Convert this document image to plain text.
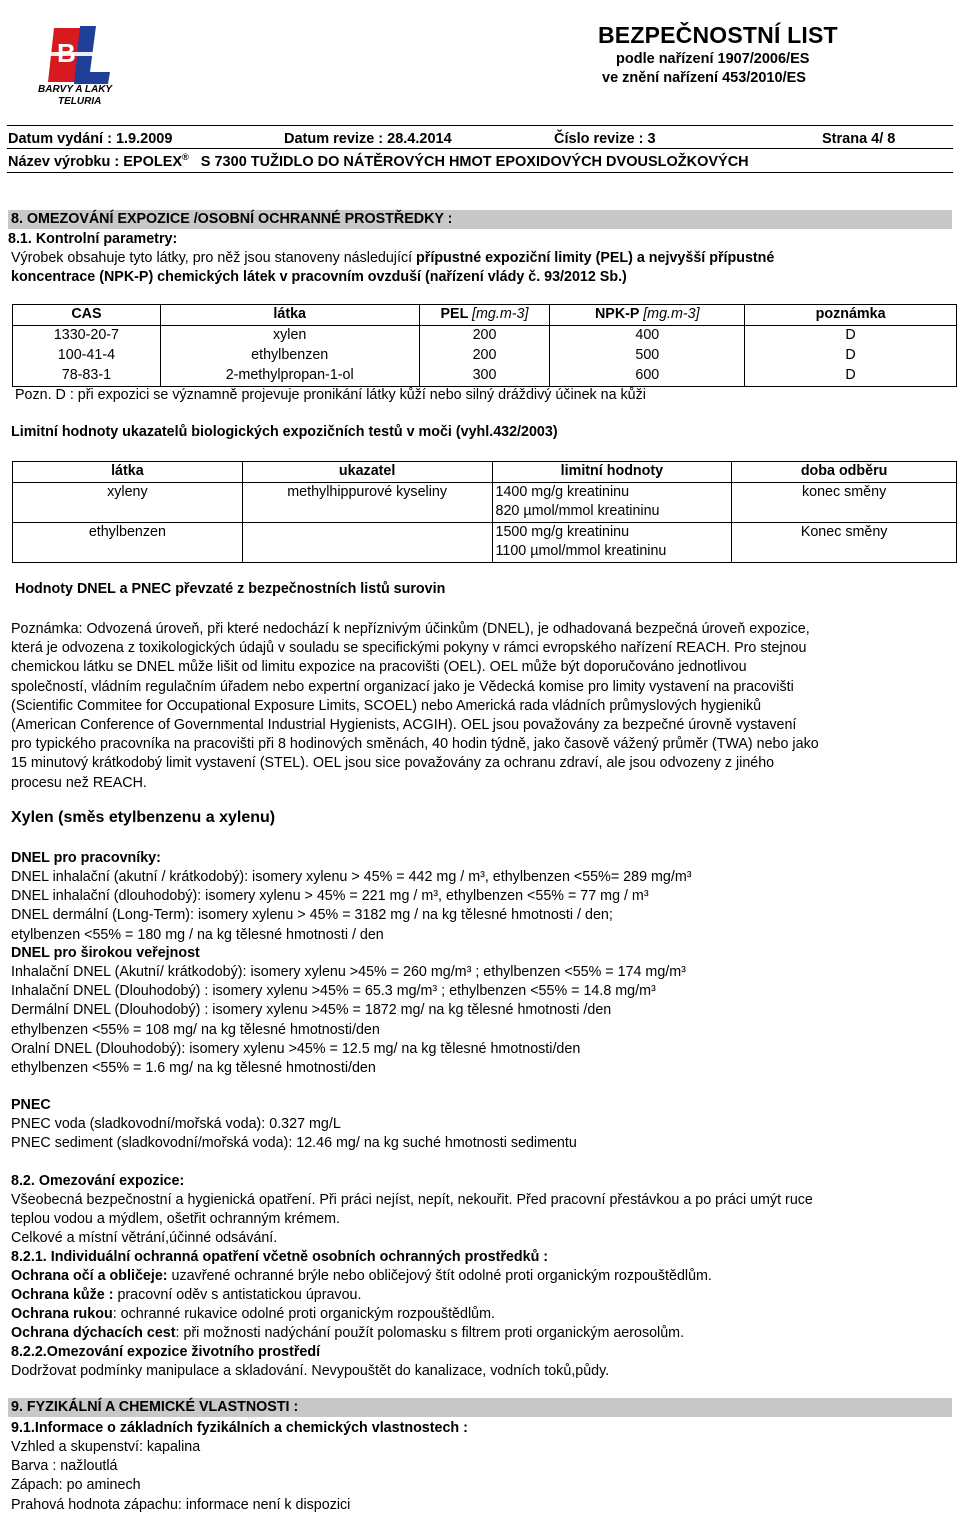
BARVY A LAKY
TELURIA
BEZPEČNOSTNÍ LIST
podle nařízení 1907/2006/ES
ve znění nařízení 453/2010/ES
Datum vydání : 1.9.2009	Datum revize : 28.4.2014	Číslo revize : 3	Strana 4/ 8
Název výrobku : EPOLEX® S 7300 TUŽIDLO DO NÁTĚROVÝCH HMOT EPOXIDOVÝCH DVOUSLOŽKOVÝCH
8. OMEZOVÁNÍ EXPOZICE /OSOBNÍ OCHRANNÉ PROSTŘEDKY :
8.1. Kontrolní parametry:
Výrobek obsahuje tyto látky, pro něž jsou stanoveny následující přípustné expoziční limity (PEL) a nejvyšší přípustné
koncentrace (NPK-P) chemických látek v pracovním ovzduší (nařízení vlády č. 93/2012 Sb.)
CAS	látka	PEL [mg.m-3]	NPK-P [mg.m-3]	poznámka
1330-20-7	xylen	200	400	D
100-41-4	ethylbenzen	200	500	D
78-83-1	2-methylpropan-1-ol	300	600	D
Pozn. D : při expozici se významně projevuje pronikání látky kůží nebo silný dráždivý účinek na kůži
Limitní hodnoty ukazatelů biologických expozičních testů v moči (vyhl.432/2003)
látka	ukazatel	limitní hodnoty	doba odběru
xyleny	methylhippurové kyseliny	1400 mg/g kreatininu
820 µmol/mmol kreatininu	konec směny
ethylbenzen		1500 mg/g kreatininu
1100 µmol/mmol kreatininu	Konec směny
Hodnoty DNEL a PNEC převzaté z bezpečnostních listů surovin
Poznámka: Odvozená úroveň, při které nedochází k nepříznivým účinkům (DNEL), je odhadovaná bezpečná úroveň expozice,
která je odvozena z toxikologických údajů v souladu se specifickými pokyny v rámci evropského nařízení REACH. Pro stejnou
chemickou látku se DNEL může lišit od limitu expozice na pracovišti (OEL). OEL může být doporučováno jednotlivou
společností, vládním regulačním úřadem nebo expertní organizací jako je Vědecká komise pro limity vystavení na pracovišti
(Scientific Commitee for Occupational Exposure Limits, SCOEL) nebo Americká rada vládních průmyslových hygieniků
(American Conference of Governmental Industrial Hygienists, ACGIH). OEL jsou považovány za bezpečné úrovně vystavení
pro typického pracovníka na pracovišti při 8 hodinových směnách, 40 hodin týdně, jako časově vážený průměr (TWA) nebo jako
15 minutový krátkodobý limit vystavení (STEL). OEL jsou sice považovány za ochranu zdraví, ale jsou odvozeny z jiného
procesu než REACH.
Xylen (směs etylbenzenu a xylenu)
DNEL pro pracovníky:
DNEL inhalační (akutní / krátkodobý): isomery xylenu > 45% = 442 mg / m³, ethylbenzen <55%= 289 mg/m³
DNEL inhalační (dlouhodobý): isomery xylenu > 45% = 221 mg / m³, ethylbenzen <55% = 77 mg / m³
DNEL dermální (Long-Term): isomery xylenu > 45% = 3182 mg / na kg tělesné hmotnosti / den;
etylbenzen <55% = 180 mg / na kg tělesné hmotnosti / den
DNEL pro širokou veřejnost
Inhalační DNEL (Akutní/ krátkodobý): isomery xylenu >45% = 260 mg/m³ ; ethylbenzen <55% = 174 mg/m³
Inhalační DNEL (Dlouhodobý) : isomery xylenu >45% = 65.3 mg/m³ ; ethylbenzen <55% = 14.8 mg/m³
Dermální DNEL (Dlouhodobý) : isomery xylenu >45% = 1872 mg/ na kg tělesné hmotnosti /den
ethylbenzen <55% = 108 mg/ na kg tělesné hmotnosti/den
Oralní DNEL (Dlouhodobý): isomery xylenu >45% = 12.5 mg/ na kg tělesné hmotnosti/den
ethylbenzen <55% = 1.6 mg/ na kg tělesné hmotnosti/den
PNEC
PNEC voda (sladkovodní/mořská voda): 0.327 mg/L
PNEC sediment (sladkovodní/mořská voda): 12.46 mg/ na kg suché hmotnosti sedimentu
8.2. Omezování expozice:
Všeobecná bezpečnostní a hygienická opatření. Při práci nejíst, nepít, nekouřit. Před pracovní přestávkou a po práci umýt ruce
teplou vodou a mýdlem, ošetřit ochranným krémem.
Celkové a místní větrání,účinné odsávání.
8.2.1. Individuální ochranná opatření včetně osobních ochranných prostředků :
Ochrana očí a obličeje: uzavřené ochranné brýle nebo obličejový štít odolné proti organickým rozpouštědlům.
Ochrana kůže : pracovní oděv s antistatickou úpravou.
Ochrana rukou: ochranné rukavice odolné proti organickým rozpouštědlům.
Ochrana dýchacích cest: při možnosti nadýchání použít polomasku s filtrem proti organickým aerosolům.
8.2.2.Omezování expozice životního prostředí
Dodržovat podmínky manipulace a skladování. Nevypouštět do kanalizace, vodních toků,půdy.
9. FYZIKÁLNÍ A CHEMICKÉ VLASTNOSTI :
9.1.Informace o základních fyzikálních a chemických vlastnostech :
Vzhled a skupenství: kapalina
Barva : nažloutlá
Zápach: po aminech
Prahová hodnota zápachu: informace není k dispozici
